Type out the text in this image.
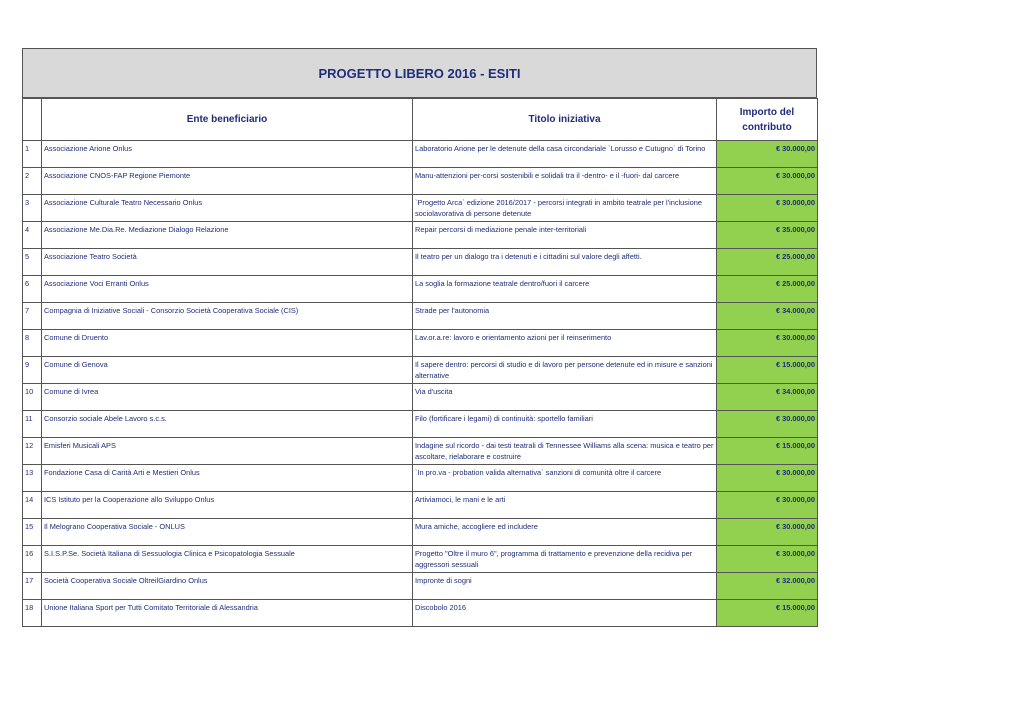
PROGETTO LIBERO 2016 - ESITI
	Ente beneficiario	Titolo iniziativa	Importo del contributo
1	Associazione Arione Onlus	Laboratorio Arione per le detenute della casa circondariale `Lorusso e Cutugno` di Torino	€ 30.000,00
2	Associazione CNOS-FAP Regione Piemonte	Manu-attenzioni per-corsi sostenibili e solidali tra il -dentro- e il -fuori- dal carcere	€ 30.000,00
3	Associazione Culturale Teatro Necessario Onlus	`Progetto Arca` edizione 2016/2017 - percorsi integrati in ambito teatrale per l'inclusione sociolavorativa di persone detenute	€ 30.000,00
4	Associazione Me.Dia.Re. Mediazione Dialogo Relazione	Repair percorsi di mediazione penale inter-territoriali	€ 35.000,00
5	Associazione Teatro Società	Il teatro per un dialogo tra i detenuti e i cittadini sul valore degli affetti.	€ 25.000,00
6	Associazione Voci Erranti Onlus	La soglia la formazione teatrale dentro/fuori il carcere	€ 25.000,00
7	Compagnia di Iniziative Sociali - Consorzio Società Cooperativa Sociale (CIS)	Strade per l'autonomia	€ 34.000,00
8	Comune di Druento	Lav.or.a.re: lavoro e orientamento azioni per il reinserimento	€ 30.000,00
9	Comune di Genova	Il sapere dentro: percorsi di studio e di lavoro per persone detenute ed in misure e sanzioni alternative	€ 15.000,00
10	Comune di Ivrea	Via d'uscita	€ 34.000,00
11	Consorzio sociale Abele Lavoro s.c.s.	Filo (fortificare i legami) di continuità: sportello familiari	€ 30.000,00
12	Emisferi Musicali APS	Indagine sul ricordo - dai testi teatrali di Tennessee Williams alla scena: musica e teatro per ascoltare, rielaborare e costruire	€ 15.000,00
13	Fondazione Casa di Carità Arti e Mestieri Onlus	`In pro.va - probation valida alternativa` sanzioni di comunità oltre il carcere	€ 30.000,00
14	ICS Istituto per la Cooperazione allo Sviluppo Onlus	Artiviamoci, le mani e le arti	€ 30.000,00
15	Il Melograno Cooperativa Sociale - ONLUS	Mura amiche, accogliere ed includere	€ 30.000,00
16	S.I.S.P.Se. Società Italiana di Sessuologia Clinica e Psicopatologia Sessuale	Progetto "Oltre il muro 6", programma di trattamento e prevenzione della recidiva per aggressori sessuali	€ 30.000,00
17	Società Cooperativa Sociale OltreilGiardino Onlus	Impronte di sogni	€ 32.000,00
18	Unione Italiana Sport per Tutti Comitato Territoriale di Alessandria	Discobolo 2016	€ 15.000,00
